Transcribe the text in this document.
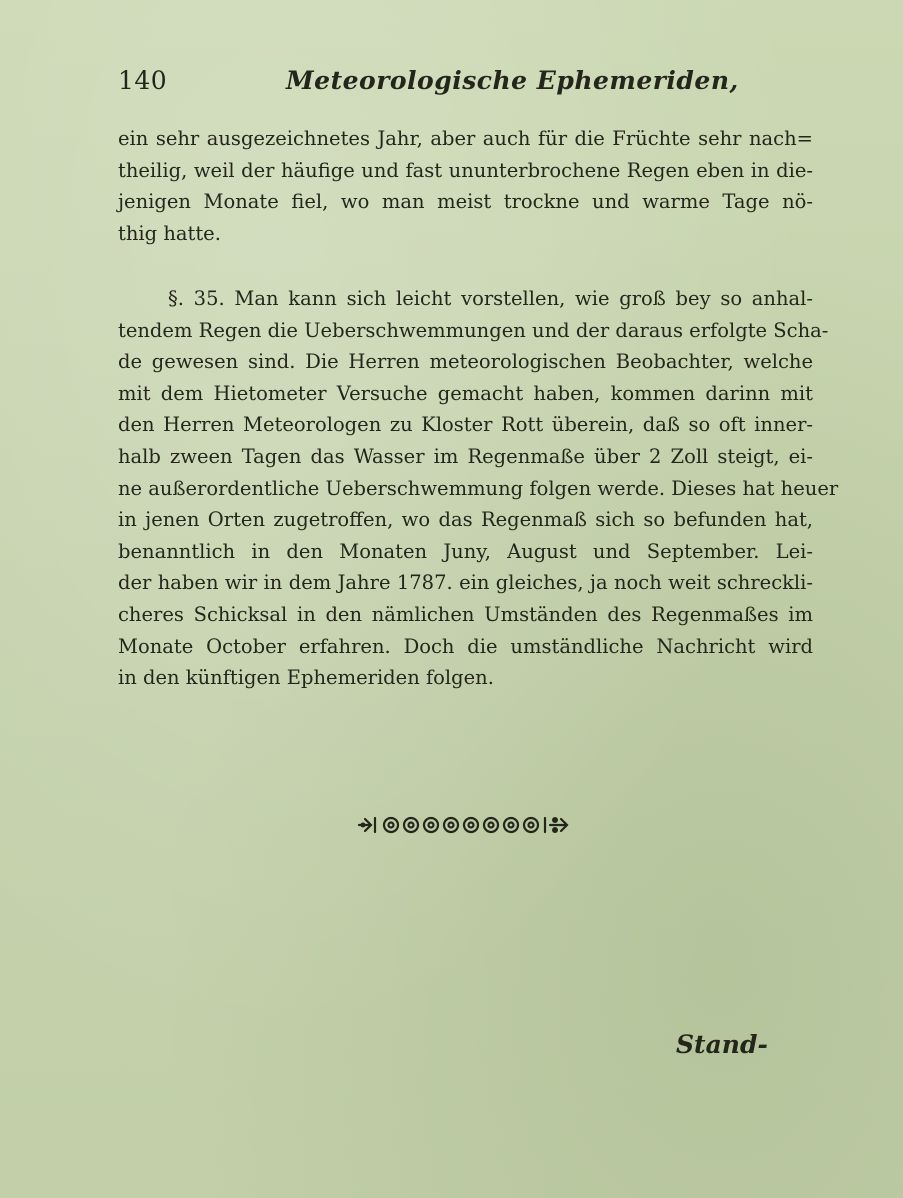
140	Meteorologische Ephemeriden,
ein sehr ausgezeichnetes Jahr, aber auch für die Früchte sehr nach=
theilig, weil der häufige und fast ununterbrochene Regen eben in die-
jenigen Monate fiel, wo man meist trockne und warme Tage nö-
thig hatte.
§. 35. Man kann sich leicht vorstellen, wie groß bey so anhal-
tendem Regen die Ueberschwemmungen und der daraus erfolgte Scha-
de gewesen sind. Die Herren meteorologischen Beobachter, welche
mit dem Hietometer Versuche gemacht haben, kommen darinn mit
den Herren Meteorologen zu Kloster Rott überein, daß so oft inner-
halb zween Tagen das Wasser im Regenmaße über 2 Zoll steigt, ei-
ne außerordentliche Ueberschwemmung folgen werde. Dieses hat heuer
in jenen Orten zugetroffen, wo das Regenmaß sich so befunden hat,
benanntlich in den Monaten Juny, August und September. Lei-
der haben wir in dem Jahre 1787. ein gleiches, ja noch weit schreckli-
cheres Schicksal in den nämlichen Umständen des Regenmaßes im
Monate October erfahren. Doch die umständliche Nachricht wird
in den künftigen Ephemeriden folgen.
Stand-
